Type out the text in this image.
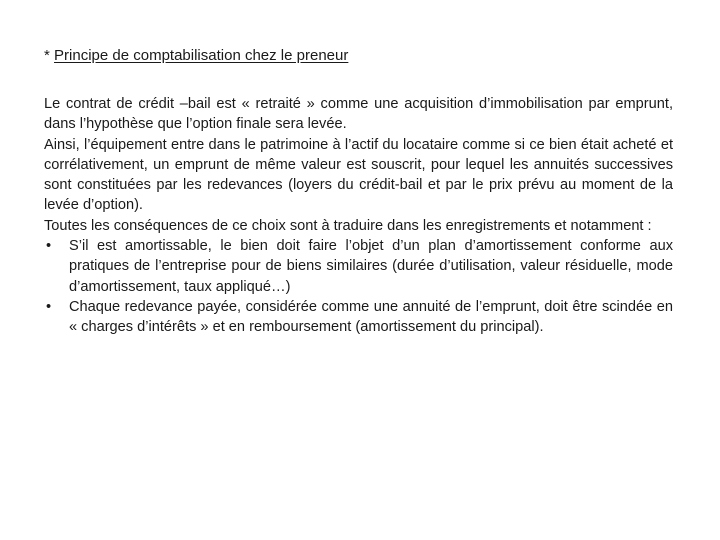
* Principe de comptabilisation chez le preneur

Le contrat de crédit –bail est « retraité » comme une acquisition d’immobilisation par emprunt, dans l’hypothèse que l’option finale sera levée.

Ainsi, l’équipement entre dans le patrimoine à l’actif du locataire comme si ce bien était acheté et corrélativement, un emprunt de même valeur est souscrit, pour lequel les annuités successives sont constituées par les redevances (loyers du crédit-bail et par le prix prévu au moment de la levée d’option).

Toutes les conséquences de ce choix sont à traduire dans les enregistrements et notamment :

• S’il est amortissable, le bien doit faire l’objet d’un plan d’amortissement conforme aux pratiques de l’entreprise pour de biens similaires (durée d’utilisation, valeur résiduelle, mode d’amortissement, taux appliqué…)
• Chaque redevance payée, considérée comme une annuité de l’emprunt, doit être scindée en « charges d’intérêts » et en remboursement (amortissement du principal).
